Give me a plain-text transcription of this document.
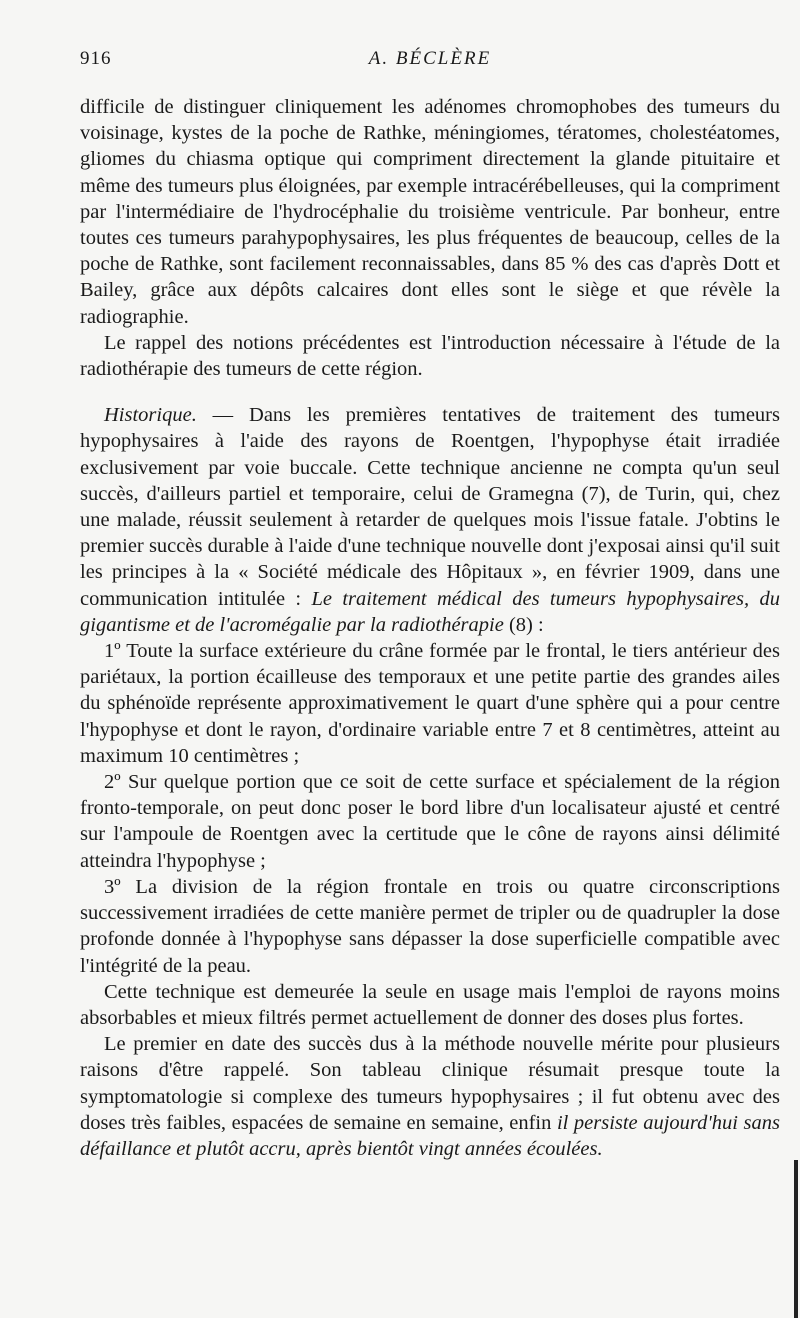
916	A. BÉCLÈRE

difficile de distinguer cliniquement les adénomes chromophobes des tumeurs du voisinage, kystes de la poche de Rathke, méningiomes, tératomes, cholestéatomes, gliomes du chiasma optique qui compriment directement la glande pituitaire et même des tumeurs plus éloignées, par exemple intracérébelleuses, qui la compriment par l'intermédiaire de l'hydrocéphalie du troisième ventricule. Par bonheur, entre toutes ces tumeurs parahypophysaires, les plus fréquentes de beaucoup, celles de la poche de Rathke, sont facilement reconnaissables, dans 85 % des cas d'après Dott et Bailey, grâce aux dépôts calcaires dont elles sont le siège et que révèle la radiographie.

Le rappel des notions précédentes est l'introduction nécessaire à l'étude de la radiothérapie des tumeurs de cette région.

Historique. — Dans les premières tentatives de traitement des tumeurs hypophysaires à l'aide des rayons de Roentgen, l'hypophyse était irradiée exclusivement par voie buccale. Cette technique ancienne ne compta qu'un seul succès, d'ailleurs partiel et temporaire, celui de Gramegna (7), de Turin, qui, chez une malade, réussit seulement à retarder de quelques mois l'issue fatale. J'obtins le premier succès durable à l'aide d'une technique nouvelle dont j'exposai ainsi qu'il suit les principes à la « Société médicale des Hôpitaux », en février 1909, dans une communication intitulée : Le traitement médical des tumeurs hypophysaires, du gigantisme et de l'acromégalie par la radiothérapie (8) :

1º Toute la surface extérieure du crâne formée par le frontal, le tiers antérieur des pariétaux, la portion écailleuse des temporaux et une petite partie des grandes ailes du sphénoïde représente approximativement le quart d'une sphère qui a pour centre l'hypophyse et dont le rayon, d'ordinaire variable entre 7 et 8 centimètres, atteint au maximum 10 centimètres ;

2º Sur quelque portion que ce soit de cette surface et spécialement de la région fronto-temporale, on peut donc poser le bord libre d'un localisateur ajusté et centré sur l'ampoule de Roentgen avec la certitude que le cône de rayons ainsi délimité atteindra l'hypophyse ;

3º La division de la région frontale en trois ou quatre circonscriptions successivement irradiées de cette manière permet de tripler ou de quadrupler la dose profonde donnée à l'hypophyse sans dépasser la dose superficielle compatible avec l'intégrité de la peau.

Cette technique est demeurée la seule en usage mais l'emploi de rayons moins absorbables et mieux filtrés permet actuellement de donner des doses plus fortes.

Le premier en date des succès dus à la méthode nouvelle mérite pour plusieurs raisons d'être rappelé. Son tableau clinique résumait presque toute la symptomatologie si complexe des tumeurs hypophysaires ; il fut obtenu avec des doses très faibles, espacées de semaine en semaine, enfin il persiste aujourd'hui sans défaillance et plutôt accru, après bientôt vingt années écoulées.
